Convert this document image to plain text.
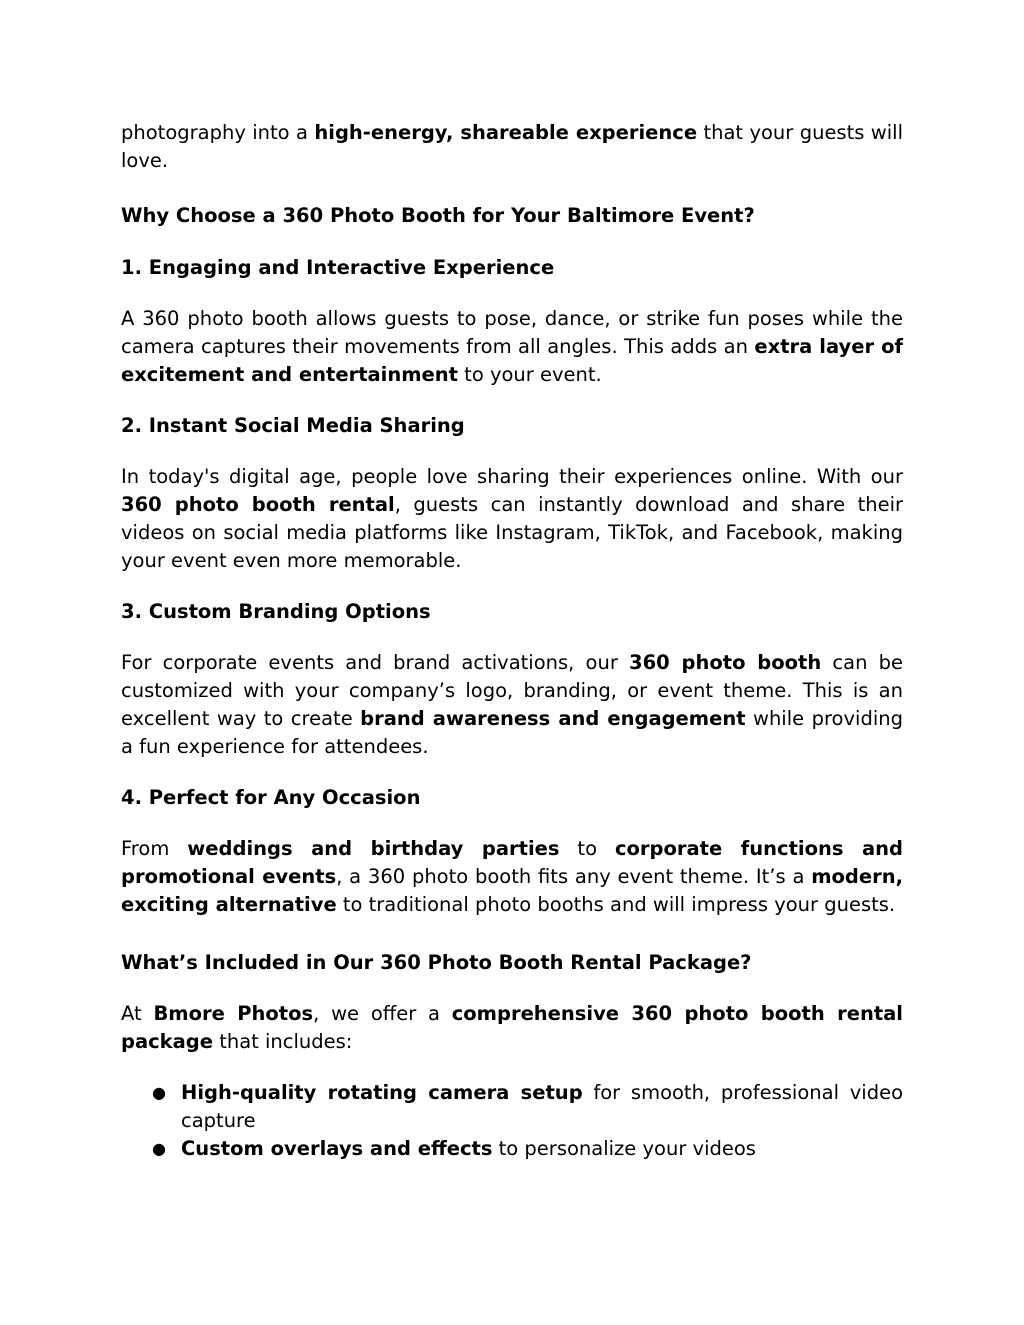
photography into a high-energy, shareable experience that your guests will love.

Why Choose a 360 Photo Booth for Your Baltimore Event?

1. Engaging and Interactive Experience

A 360 photo booth allows guests to pose, dance, or strike fun poses while the camera captures their movements from all angles. This adds an extra layer of excitement and entertainment to your event.

2. Instant Social Media Sharing

In today's digital age, people love sharing their experiences online. With our 360 photo booth rental, guests can instantly download and share their videos on social media platforms like Instagram, TikTok, and Facebook, making your event even more memorable.

3. Custom Branding Options

For corporate events and brand activations, our 360 photo booth can be customized with your company’s logo, branding, or event theme. This is an excellent way to create brand awareness and engagement while providing a fun experience for attendees.

4. Perfect for Any Occasion

From weddings and birthday parties to corporate functions and promotional events, a 360 photo booth fits any event theme. It’s a modern, exciting alternative to traditional photo booths and will impress your guests.

What’s Included in Our 360 Photo Booth Rental Package?

At Bmore Photos, we offer a comprehensive 360 photo booth rental package that includes:

● High-quality rotating camera setup for smooth, professional video capture
● Custom overlays and effects to personalize your videos
